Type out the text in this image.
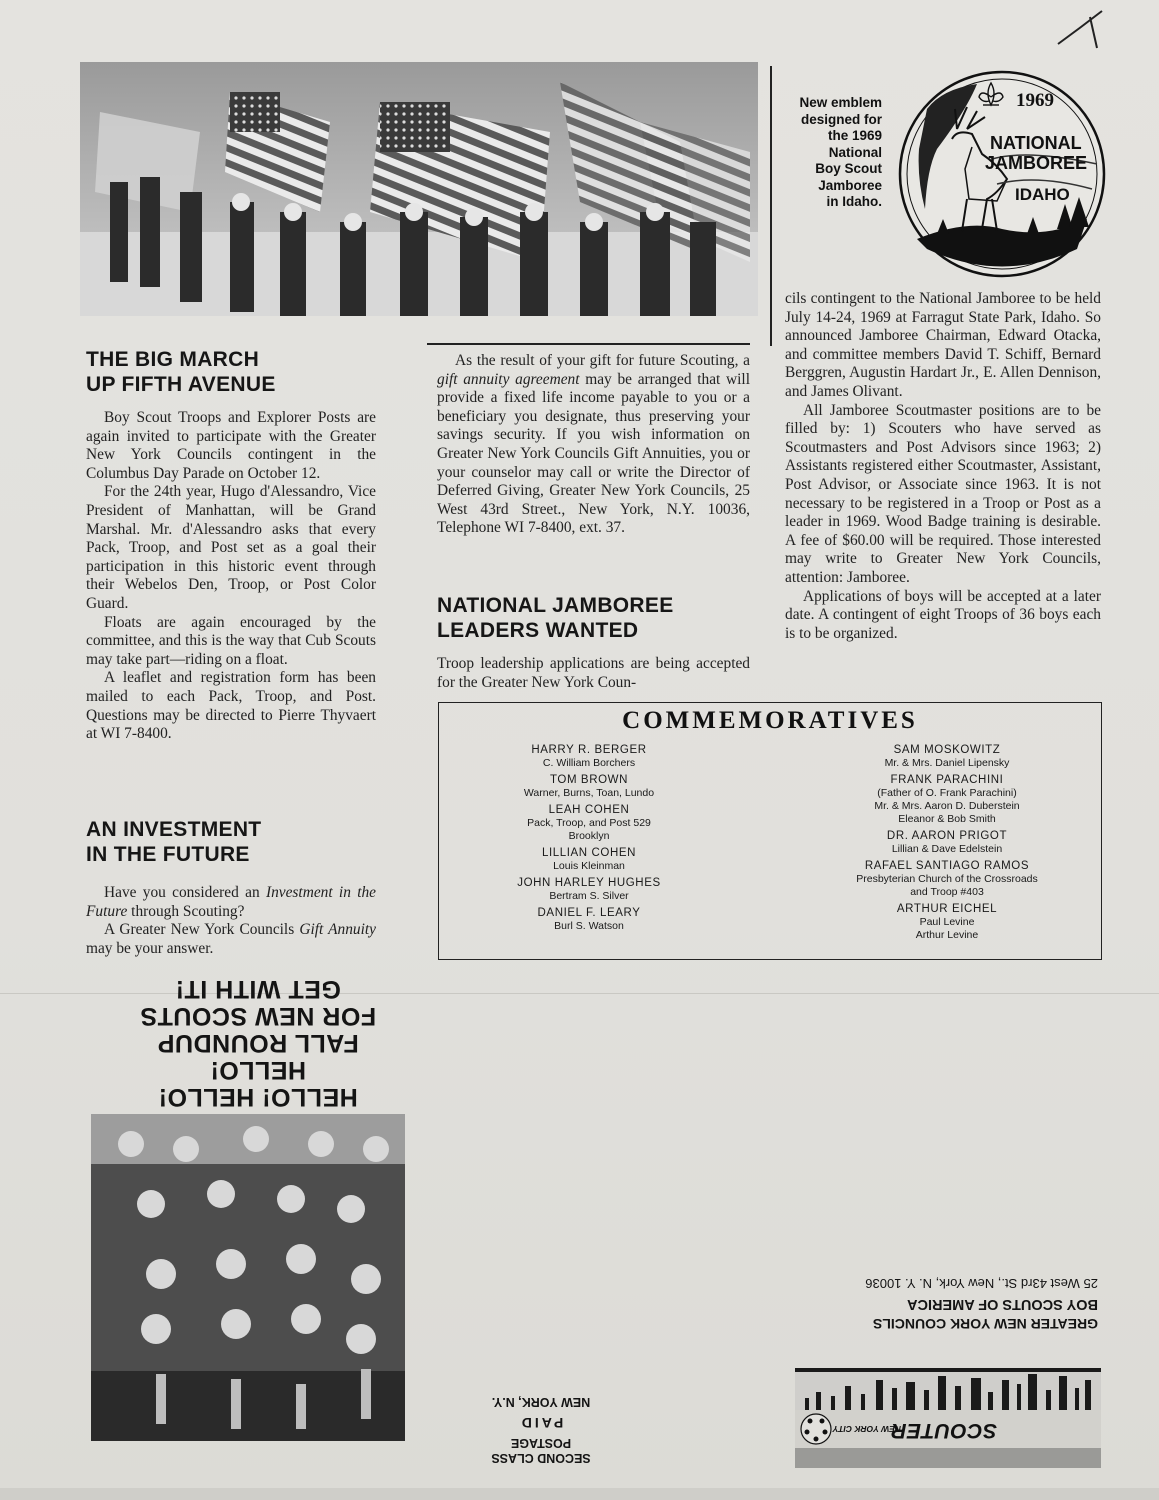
New emblem
designed for
the 1969
National
Boy Scout
Jamboree
in Idaho.
1969
NATIONAL
JAMBOREE
IDAHO
THE BIG MARCH
UP FIFTH AVENUE

Boy Scout Troops and Explorer Posts are again invited to participate with the Greater New York Councils contingent in the Columbus Day Parade on October 12.

For the 24th year, Hugo d'Alessandro, Vice President of Manhattan, will be Grand Marshal. Mr. d'Alessandro asks that every Pack, Troop, and Post set as a goal their participation in this historic event through their Webelos Den, Troop, or Post Color Guard.

Floats are again encouraged by the committee, and this is the way that Cub Scouts may take part—riding on a float.

A leaflet and registration form has been mailed to each Pack, Troop, and Post. Questions may be directed to Pierre Thyvaert at WI 7-8400.

AN INVESTMENT
IN THE FUTURE

Have you considered an Investment in the Future through Scouting?

A Greater New York Councils Gift Annuity may be your answer.

As the result of your gift for future Scouting, a gift annuity agreement may be arranged that will provide a fixed life income payable to you or a beneficiary you designate, thus preserving your savings security. If you wish information on Greater New York Councils Gift Annuities, you or your counselor may call or write the Director of Deferred Giving, Greater New York Councils, 25 West 43rd Street., New York, N.Y. 10036, Telephone WI 7-8400, ext. 37.

NATIONAL JAMBOREE
LEADERS WANTED

Troop leadership applications are being accepted for the Greater New York Coun-

cils contingent to the National Jamboree to be held July 14-24, 1969 at Farragut State Park, Idaho. So announced Jamboree Chairman, Edward Otacka, and committee members David T. Schiff, Bernard Berggren, Augustin Hardart Jr., E. Allen Dennison, and James Olivant.

All Jamboree Scoutmaster positions are to be filled by: 1) Scouters who have served as Scoutmasters and Post Advisors since 1963; 2) Assistants registered either Scoutmaster, Assistant, Post Advisor, or Associate since 1963. It is not necessary to be registered in a Troop or Post as a leader in 1969. Wood Badge training is desirable. A fee of $60.00 will be required. Those interested may write to Greater New York Councils, attention: Jamboree.

Applications of boys will be accepted at a later date. A contingent of eight Troops of 36 boys each is to be organized.

COMMEMORATIVES
HARRY R. BERGER
C. William Borchers
TOM BROWN
Warner, Burns, Toan, Lundo
LEAH COHEN
Pack, Troop, and Post 529
Brooklyn
LILLIAN COHEN
Louis Kleinman
JOHN HARLEY HUGHES
Bertram S. Silver
DANIEL F. LEARY
Burl S. Watson
SAM MOSKOWITZ
Mr. & Mrs. Daniel Lipensky
FRANK PARACHINI
(Father of O. Frank Parachini)
Mr. & Mrs. Aaron D. Duberstein
Eleanor & Bob Smith
DR. AARON PRIGOT
Lillian & Dave Edelstein
RAFAEL SANTIAGO RAMOS
Presbyterian Church of the Crossroads
and Troop #403
ARTHUR EICHEL
Paul Levine
Arthur Levine
HELLO! HELLO! HELLO!
FALL ROUNDUP
FOR NEW SCOUTS
GET WITH IT!
SECOND CLASS
POSTAGE
PAID
NEW YORK, N.Y.
GREATER NEW YORK COUNCILS
BOY SCOUTS OF AMERICA
25 West 43rd St., New York, N. Y. 10036
SCOUTER
NEW YORK CITY
